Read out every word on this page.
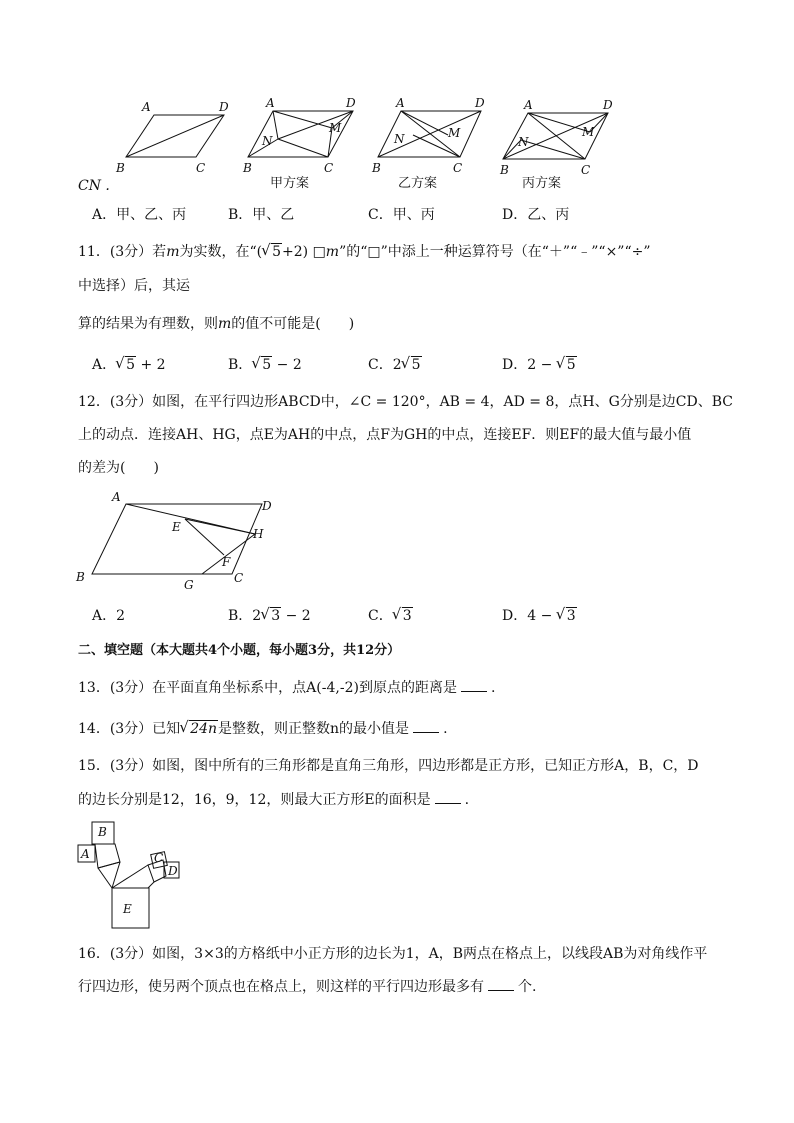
A	D
B	C
A	D
B	C
M
N
甲方案
A	D
B	C
M
N
乙方案
A	D
B	C
M
N
丙方案
CN .
A．甲、乙、丙	B．甲、乙	C．甲、丙	D．乙、丙
11．(3分）若m为实数，在“( √ 5+2) □m”的“□”中添上一种运算符号（在“＋”“﹣”“×”“÷”
中选择）后，其运
算的结果为有理数，则m的值不可能是(　　)
A． √ 5 + 2	B． √ 5 − 2	C．2 √ 5	D．2 − √ 5
12．(3分）如图，在平行四边形ABCD中，∠C = 120°，AB = 4，AD = 8，点H、G分别是边CD、BC
上的动点．连接AH、HG，点E为AH的中点，点F为GH的中点，连接EF．则EF的最大值与最小值
的差为(　　)
A
D
B	C
E
F
G
H
A．2	B．2 √ 3 − 2	C． √ 3	D．4 − √ 3
二、填空题（本大题共4个小题，每小题3分，共12分）
13．(3分）在平面直角坐标系中，点A(-4,-2)到原点的距离是 .
14．(3分）已知 √ 24n是整数，则正整数n的最小值是 .
15．(3分）如图，图中所有的三角形都是直角三角形，四边形都是正方形，已知正方形A，B，C，D
的边长分别是12，16，9，12，则最大正方形E的面积是 .
B
A	C
D
E
16．(3分）如图，3×3的方格纸中小正方形的边长为1，A，B两点在格点上，以线段AB为对角线作平
行四边形，使另两个顶点也在格点上，则这样的平行四边形最多有 个.
